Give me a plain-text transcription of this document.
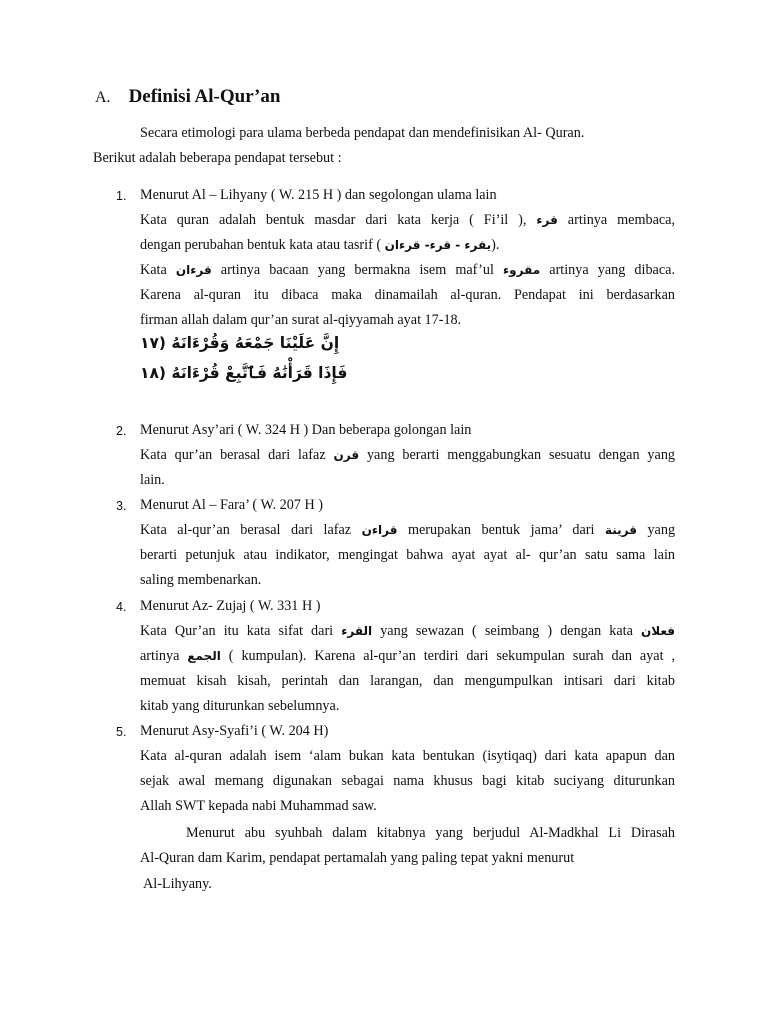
A. Definisi Al-Qur’an
Secara etimologi para ulama berbeda pendapat dan mendefinisikan Al- Quran.
Berikut adalah beberapa pendapat tersebut :
1. Menurut Al – Lihyany ( W. 215 H ) dan segolongan ulama lain
Kata quran adalah bentuk masdar dari kata kerja ( Fi’il ), قرء artinya membaca,
dengan perubahan bentuk kata atau tasrif ( يقرء - قرء- قرءان).
Kata قرءان artinya bacaan yang bermakna isem maf’ul مقروء artinya yang dibaca.
Karena al-quran itu dibaca maka dinamailah al-quran. Pendapat ini berdasarkan
firman allah dalam qur’an surat al-qiyyamah ayat 17-18.
١٧) إِنَّ عَلَيْنَا جَمْعَهُ وَقُرْءَانَهُ
١٨) فَإِذَا قَرَأْنَٰهُ فَٱتَّبِعْ قُرْءَانَهُ
2. Menurut Asy’ari ( W. 324 H ) Dan beberapa golongan lain
Kata qur’an berasal dari lafaz قرن yang berarti menggabungkan sesuatu dengan yang
lain.
3. Menurut Al – Fara’ ( W. 207 H )
Kata al-qur’an berasal dari lafaz قراءن merupakan bentuk jama’ dari قرينة yang
berarti petunjuk atau indikator, mengingat bahwa ayat ayat al- qur’an satu sama lain
saling membenarkan.
4. Menurut Az- Zujaj ( W. 331 H )
Kata Qur’an itu kata sifat dari القرء yang sewazan ( seimbang ) dengan kata فعلان
artinya الجمع ( kumpulan). Karena al-qur’an terdiri dari sekumpulan surah dan ayat ,
memuat kisah kisah, perintah dan larangan, dan mengumpulkan intisari dari kitab
kitab yang diturunkan sebelumnya.
5. Menurut Asy-Syafi’i ( W. 204 H)
Kata al-quran adalah isem ‘alam bukan kata bentukan (isytiqaq) dari kata apapun dan
sejak awal memang digunakan sebagai nama khusus bagi kitab suciyang diturunkan
Allah SWT kepada nabi Muhammad saw.
Menurut abu syuhbah dalam kitabnya yang berjudul Al-Madkhal Li Dirasah
Al-Quran dam Karim, pendapat pertamalah yang paling tepat yakni menurut
Al-Lihyany.
